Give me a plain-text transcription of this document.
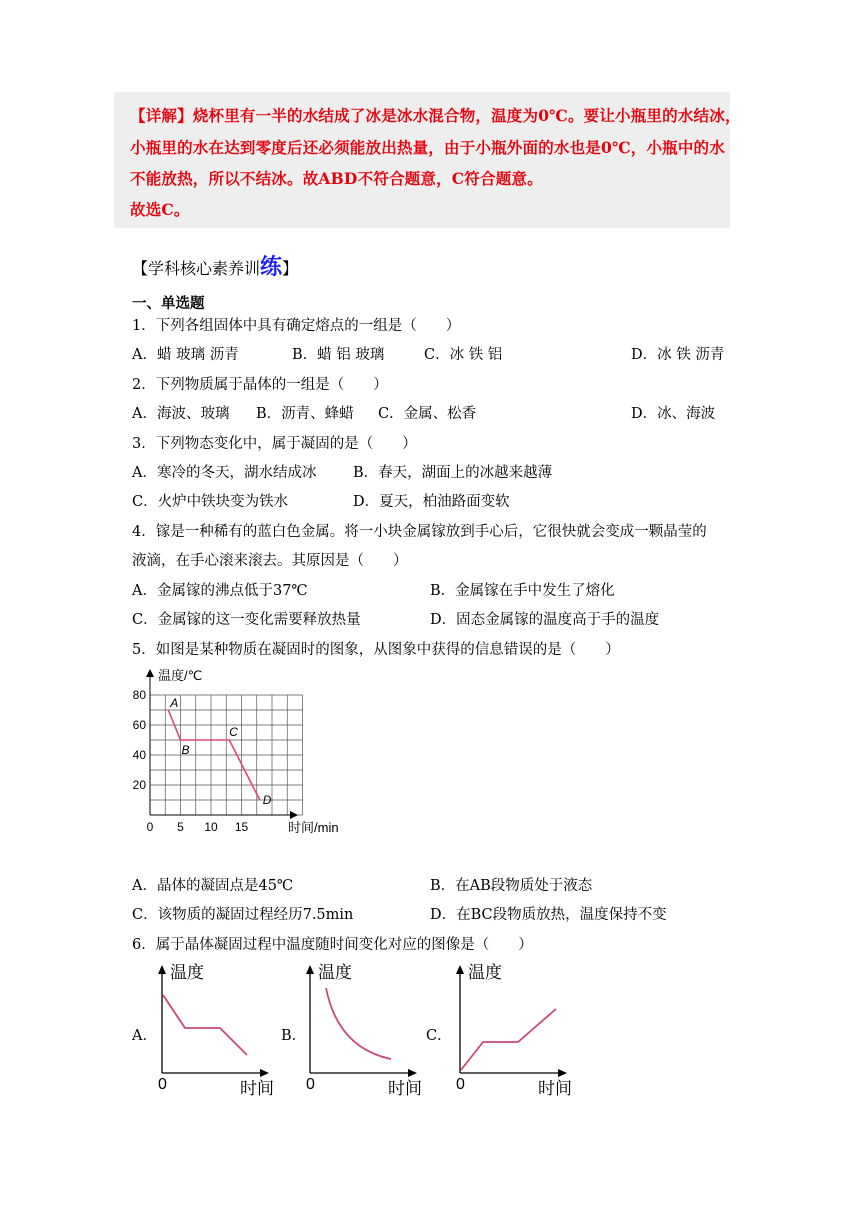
【详解】烧杯里有一半的水结成了冰是冰水混合物，温度为0℃。要让小瓶里的水结冰，
小瓶里的水在达到零度后还必须能放出热量，由于小瓶外面的水也是0℃，小瓶中的水
不能放热，所以不结冰。故ABD不符合题意，C符合题意。
故选C。
【学科核心素养训练】
一、单选题
1．下列各组固体中具有确定熔点的一组是（　　）
A．蜡 玻璃 沥青	B．蜡 铝 玻璃	C．冰 铁 铝	D．冰 铁 沥青
2．下列物质属于晶体的一组是（　　）
A．海波、玻璃 B．沥青、蜂蜡 C．金属、松香	D．冰、海波
3．下列物态变化中，属于凝固的是（　　）
A．寒冷的冬天，湖水结成冰	B．春天，湖面上的冰越来越薄
C．火炉中铁块变为铁水	D．夏天，柏油路面变软
4．镓是一种稀有的蓝白色金属。将一小块金属镓放到手心后，它很快就会变成一颗晶莹的
液滴，在手心滚来滚去。其原因是（　　）
A．金属镓的沸点低于37℃	B．金属镓在手中发生了熔化
C．金属镓的这一变化需要释放热量	D．固态金属镓的温度高于手的温度
5．如图是某种物质在凝固时的图象，从图象中获得的信息错误的是（　　）
温度/℃
时间/min
20
40
60
80
0 5 10 15
A
B
C
D
A．晶体的凝固点是45℃	B．在AB段物质处于液态
C．该物质的凝固过程经历7.5min	D．在BC段物质放热，温度保持不变
6．属于晶体凝固过程中温度随时间变化对应的图像是（　　）
A．
温度
时间
0
B．
温度
时间
0
C．
温度
时间
0
